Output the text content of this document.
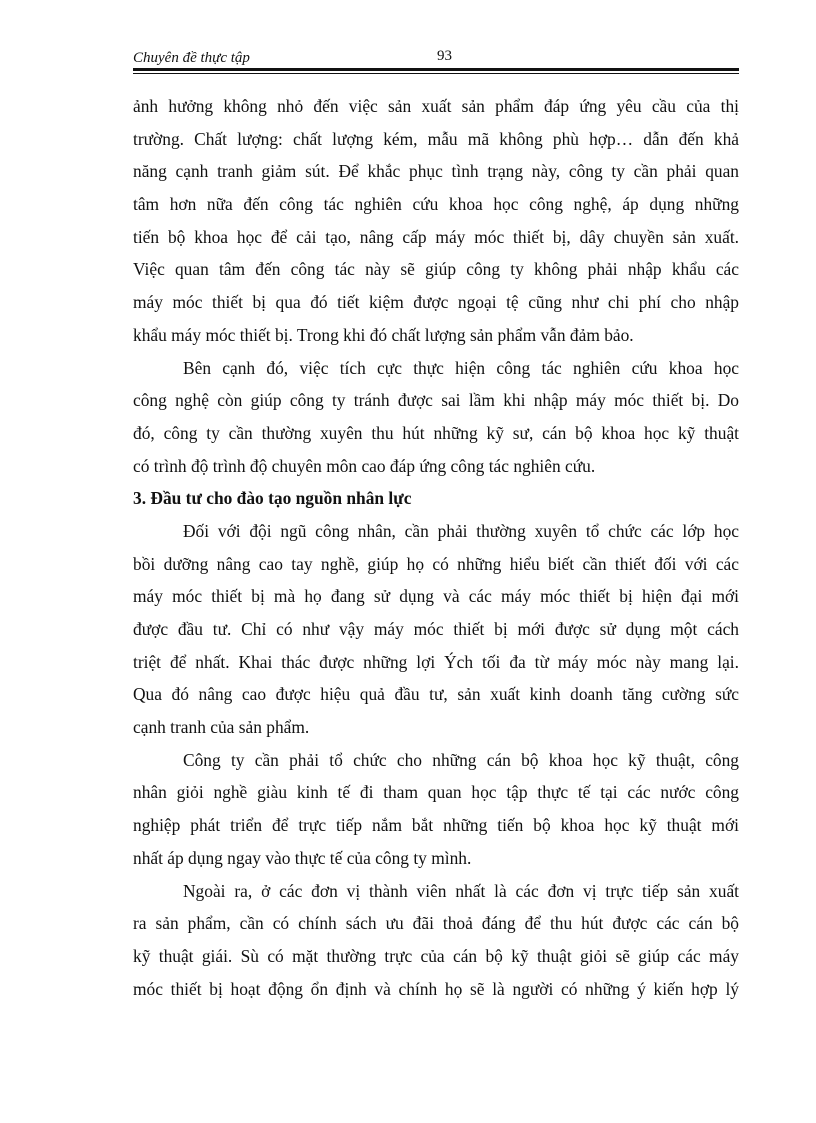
Chuyên đề thực tập	93
ảnh hưởng không nhỏ đến việc sản xuất sản phẩm đáp ứng yêu cầu của thị
trường. Chất lượng: chất lượng kém, mẫu mã không phù hợp… dẫn đến khả
năng cạnh tranh giảm sút. Để khắc phục tình trạng này, công ty cần phải quan
tâm hơn nữa đến công tác nghiên cứu khoa học công nghệ, áp dụng những
tiến bộ khoa học để cải tạo, nâng cấp máy móc thiết bị, dây chuyền sản xuất.
Việc quan tâm đến công tác này sẽ giúp công ty không phải nhập khẩu các
máy móc thiết bị qua đó tiết kiệm được ngoại tệ cũng như chi phí cho nhập
khẩu máy móc thiết bị. Trong khi đó chất lượng sản phẩm vẫn đảm bảo.
Bên cạnh đó, việc tích cực thực hiện công tác nghiên cứu khoa học
công nghệ còn giúp công ty tránh được sai lầm khi nhập máy móc thiết bị. Do
đó, công ty cần thường xuyên thu hút những kỹ sư, cán bộ khoa học kỹ thuật
có trình độ trình độ chuyên môn cao đáp ứng công tác nghiên cứu.
3. Đầu tư cho đào tạo nguồn nhân lực
Đối với đội ngũ công nhân, cần phải thường xuyên tổ chức các lớp học
bồi dưỡng nâng cao tay nghề, giúp họ có những hiểu biết cần thiết đối với các
máy móc thiết bị mà họ đang sử dụng và các máy móc thiết bị hiện đại mới
được đầu tư. Chỉ có như vậy máy móc thiết bị mới được sử dụng một cách
triệt để nhất. Khai thác được những lợi Ých tối đa từ máy móc này mang lại.
Qua đó nâng cao được hiệu quả đầu tư, sản xuất kinh doanh tăng cường sức
cạnh tranh của sản phẩm.
Công ty cần phải tổ chức cho những cán bộ khoa học kỹ thuật, công
nhân giỏi nghề giàu kinh tế đi tham quan học tập thực tế tại các nước công
nghiệp phát triển để trực tiếp nắm bắt những tiến bộ khoa học kỹ thuật mới
nhất áp dụng ngay vào thực tế của công ty mình.
Ngoài ra, ở các đơn vị thành viên nhất là các đơn vị trực tiếp sản xuất
ra sản phẩm, cần có chính sách ưu đãi thoả đáng để thu hút được các cán bộ
kỹ thuật giái. Sù có mặt thường trực của cán bộ kỹ thuật giỏi sẽ giúp các máy
móc thiết bị hoạt động ổn định và chính họ sẽ là người có những ý kiến hợp lý
